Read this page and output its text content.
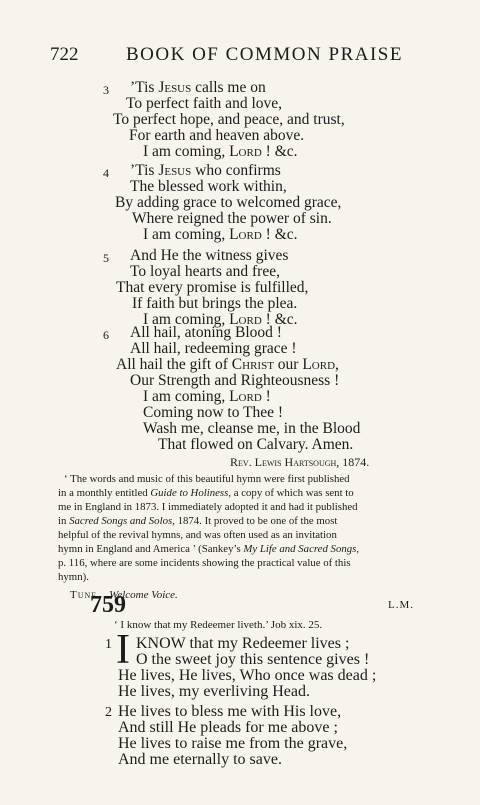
722	BOOK OF COMMON PRAISE
3 ’Tis Jesus calls me on
To perfect faith and love,
To perfect hope, and peace, and trust,
For earth and heaven above.
I am coming, Lord ! &c.
4 ’Tis Jesus who confirms
The blessed work within,
By adding grace to welcomed grace,
Where reigned the power of sin.
I am coming, Lord ! &c.
5 And He the witness gives
To loyal hearts and free,
That every promise is fulfilled,
If faith but brings the plea.
I am coming, Lord ! &c.
6 All hail, atoning Blood !
All hail, redeeming grace !
All hail the gift of Christ our Lord,
Our Strength and Righteousness !
I am coming, Lord !
Coming now to Thee !
Wash me, cleanse me, in the Blood
That flowed on Calvary. Amen.
Rev. Lewis Hartsough, 1874.
‘ The words and music of this beautiful hymn were first published
in a monthly entitled Guide to Holiness, a copy of which was sent to
me in England in 1873. I immediately adopted it and had it published
in Sacred Songs and Solos, 1874. It proved to be one of the most
helpful of the revival hymns, and was often used as an invitation
hymn in England and America ’ (Sankey’s My Life and Sacred Songs,
p. 116, where are some incidents showing the practical value of this
hymn).
Tune. Welcome Voice.
759	L.M.
‘ I know that my Redeemer liveth.’ Job xix. 25.
1 I KNOW that my Redeemer lives ;
O the sweet joy this sentence gives !
He lives, He lives, Who once was dead ;
He lives, my everliving Head.
2 He lives to bless me with His love,
And still He pleads for me above ;
He lives to raise me from the grave,
And me eternally to save.
